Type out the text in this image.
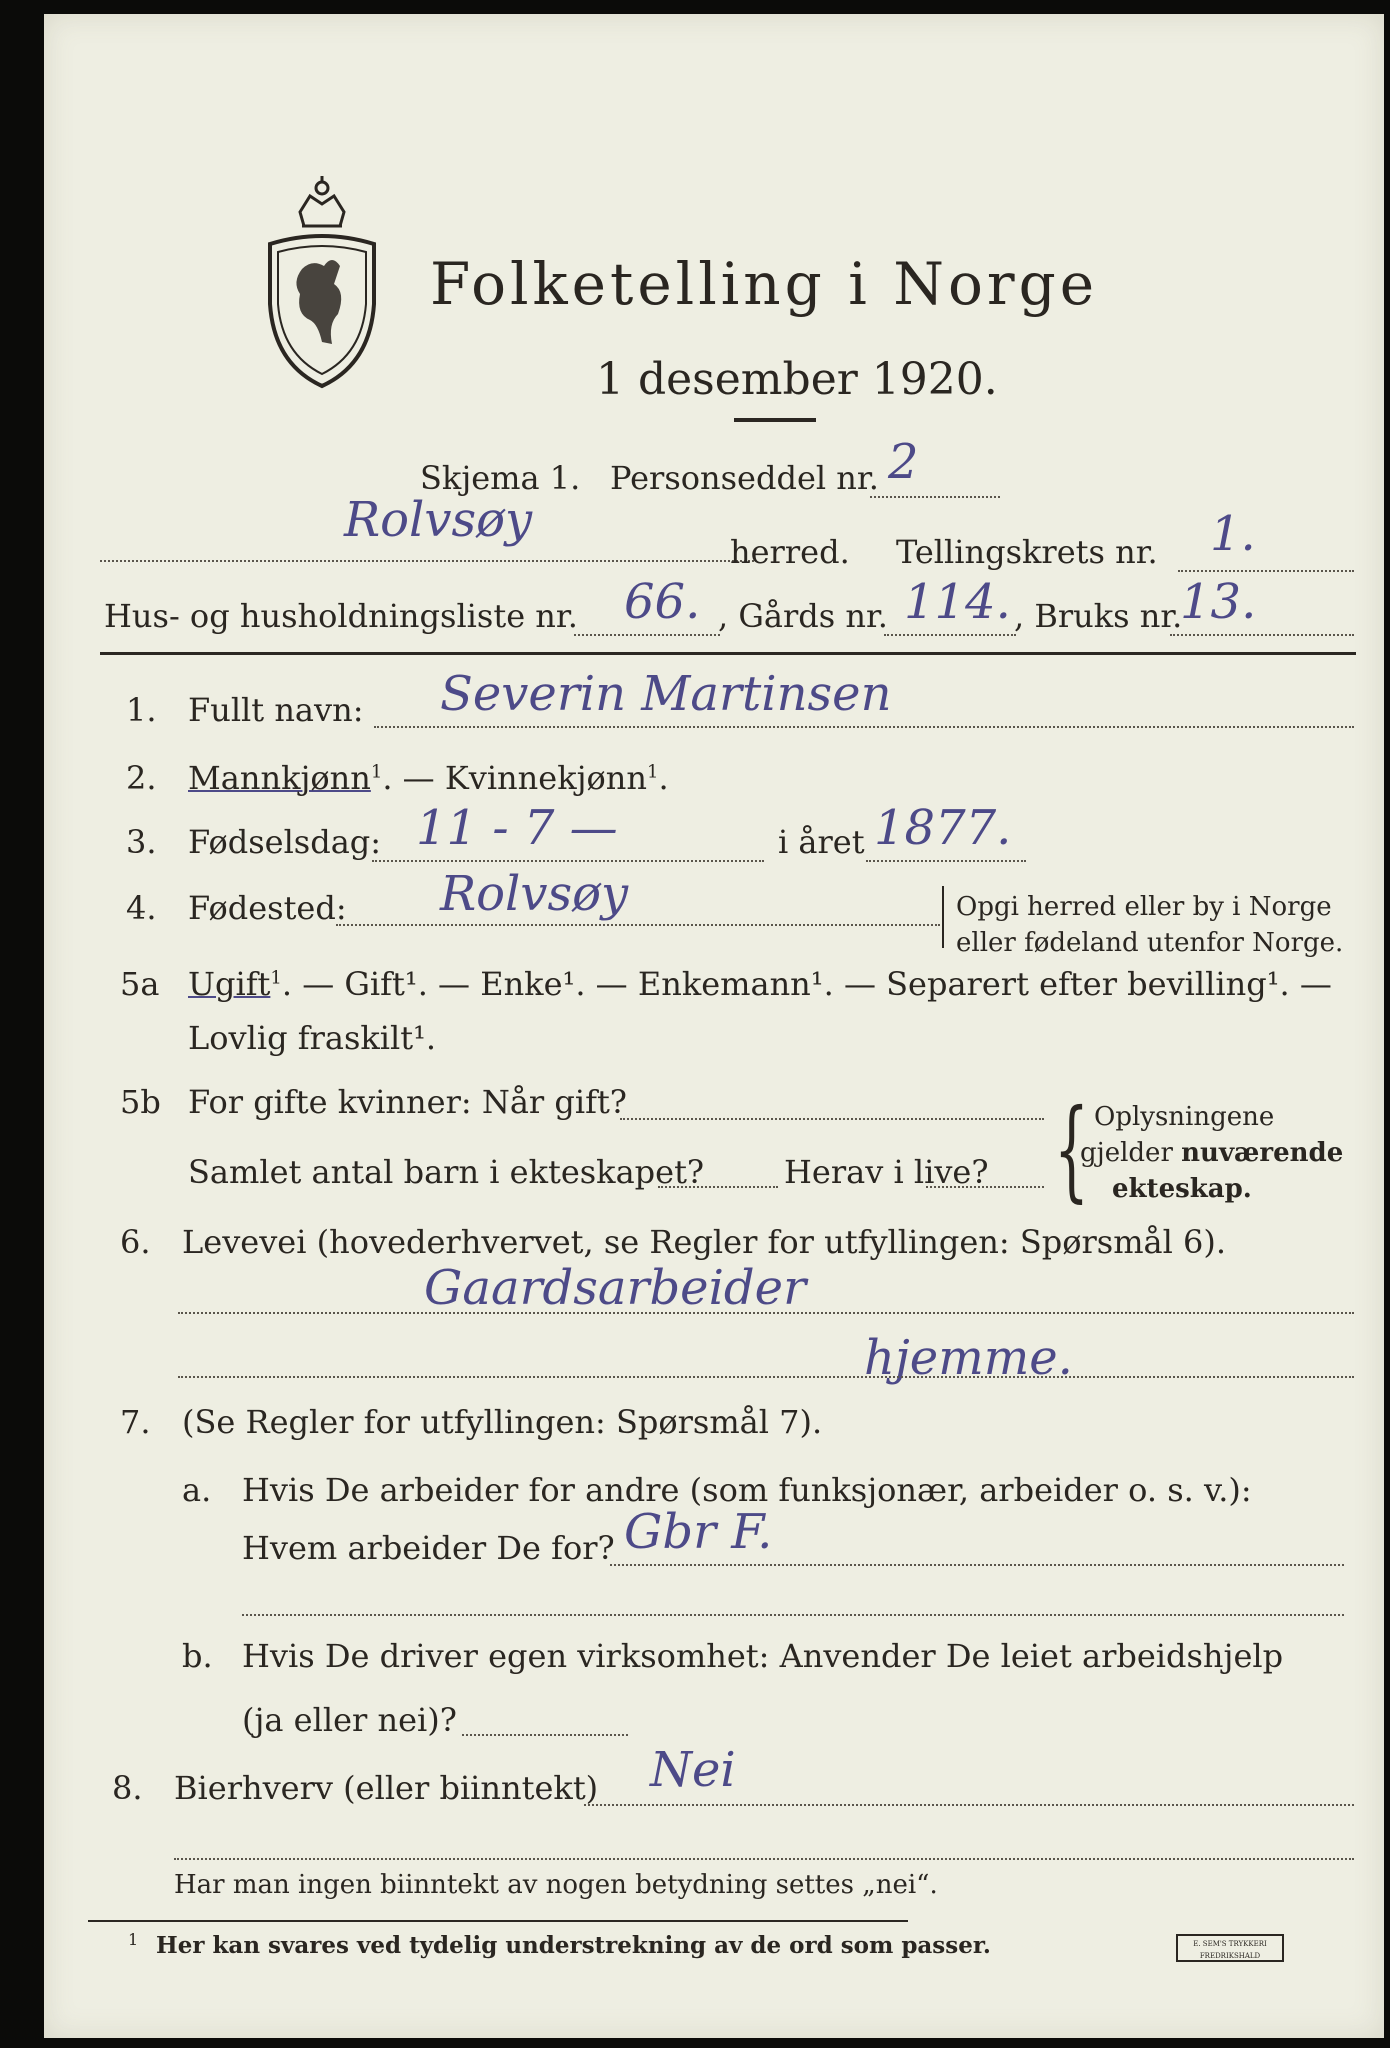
Folketelling i Norge
1 desember 1920.
Skjema 1. Personseddel nr. 2
Rolvsøy
herred. Tellingskrets nr. 1.
Hus- og husholdningsliste nr. 66. , Gårds nr. 114. , Bruks nr.
13.
1. Fullt navn: Severin Martinsen
2. Mannkjønn$^1$. — Kvinnekjønn$^1$.
3. Fødselsdag: 11 - 7 —	i året 1877.
4. Fødested: Rolvsøy	Opgi herred eller by i Norge
eller fødeland utenfor Norge.
5a Ugift$^1$. — Gift¹. — Enke¹. — Enkemann¹. — Separert efter bevilling¹. —
Lovlig fraskilt¹.
5b For gifte kvinner: Når gift?
Samlet antal barn i ekteskapet? Herav i live? { Oplysningene
gjelder nuværende
ekteskap.
6. Levevei (hovederhvervet, se Regler for utfyllingen: Spørsmål 6).
Gaardsarbeider
hjemme.
7. (Se Regler for utfyllingen: Spørsmål 7).
a. Hvis De arbeider for andre (som funksjonær, arbeider o. s. v.):
Hvem arbeider De for? Gbr F.
b. Hvis De driver egen virksomhet: Anvender De leiet arbeidshjelp
(ja eller nei)?
8. Bierhverv (eller biinntekt) Nei
Har man ingen biinntekt av nogen betydning settes „nei“.
1 Her kan svares ved tydelig understrekning av de ord som passer.	E. SEM'S TRYKKERI
FREDRIKSHALD
